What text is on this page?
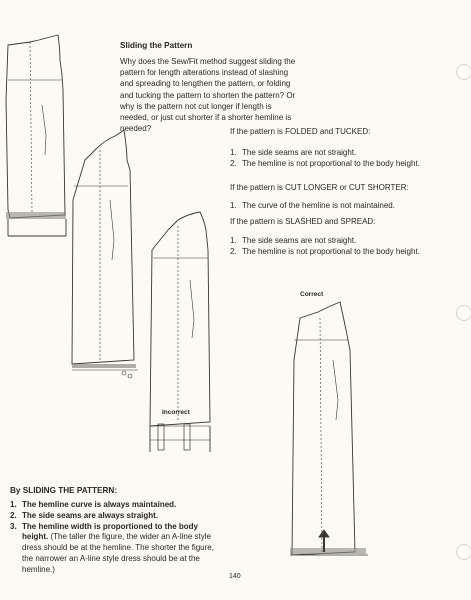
Sliding the Pattern
Why does the Sew/Fit method suggest sliding the
pattern for length alterations instead of slashing
and spreading to lengthen the pattern, or folding
and tucking the pattern to shorten the pattern? Or
why is the pattern not cut longer if length is
needed, or just cut shorter if a shorter hemline is
needed?	If the pattern is FOLDED and TUCKED:
1. The side seams are not straight.
2. The hemline is not proportional to the body height.
If the pattern is CUT LONGER or CUT SHORTER:
1. The curve of the hemline is not maintained.
If the pattern is SLASHED and SPREAD:
1. The side seams are not straight.
2. The hemline is not proportional to the body height.
Correct
Incorrect
By SLIDING THE PATTERN:
1. The hemline curve is always maintained.
2. The side seams are always straight.
3. The hemline width is proportioned to the body height. (The taller the figure, the wider an A-line style dress should be at the hemline. The shorter the figure, the narrower an A-line style dress should be at the hemline.)
140
